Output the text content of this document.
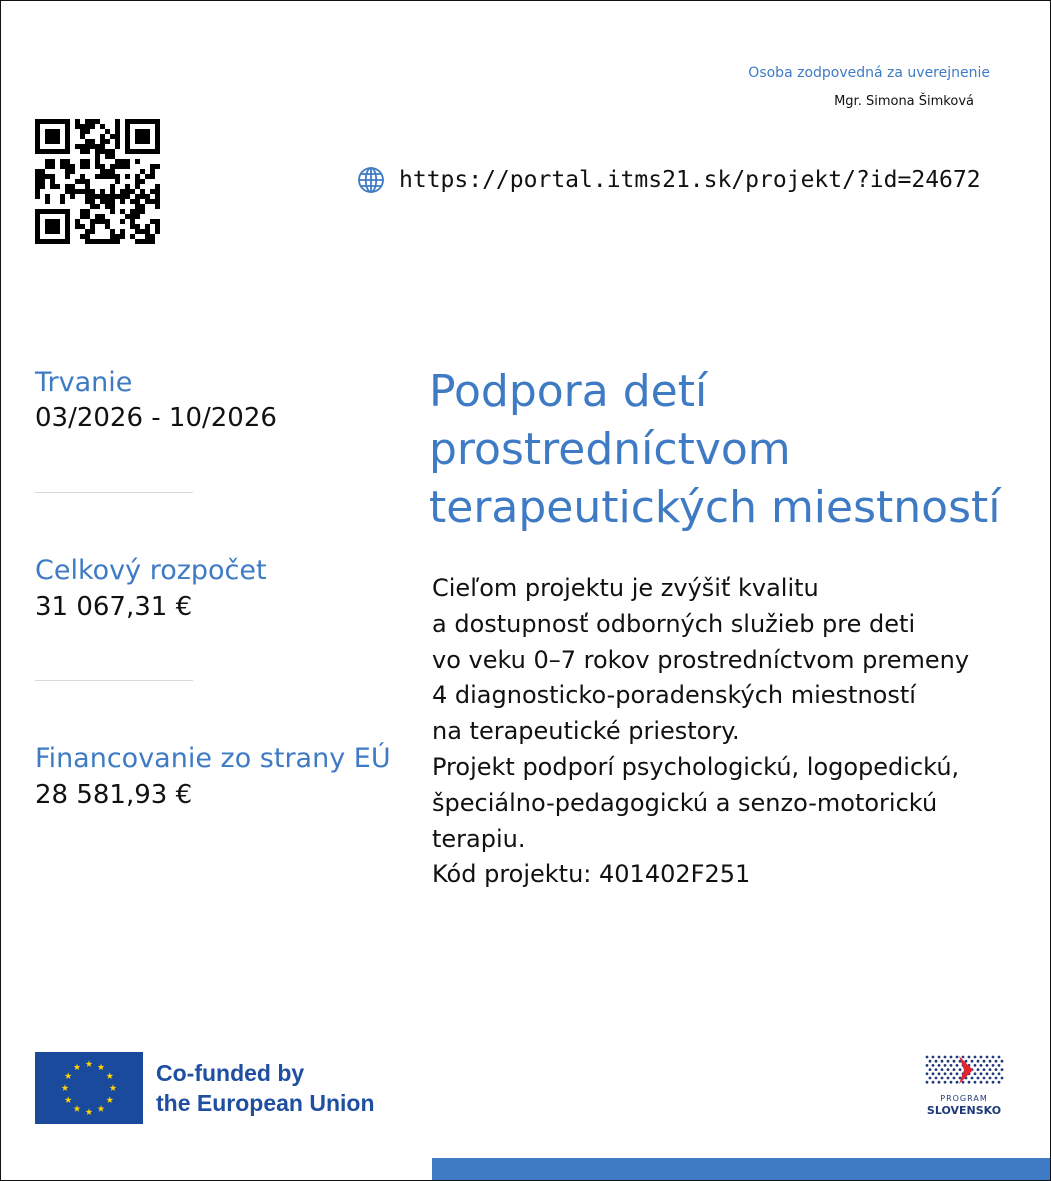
Osoba zodpovedná za uverejnenie
Mgr. Simona Šimková
https://portal.itms21.sk/projekt/?id=24672
Trvanie
03/2026 - 10/2026
Celkový rozpočet
31 067,31 €
Financovanie zo strany EÚ
28 581,93 €
Podpora detí
prostredníctvom
terapeutických miestností
Cieľom projektu je zvýšiť kvalitu
a dostupnosť odborných služieb pre deti
vo veku 0–7 rokov prostredníctvom premeny
4 diagnosticko-poradenských miestností
na terapeutické priestory.
Projekt podporí psychologickú, logopedickú,
špeciálno-pedagogickú a senzo-motorickú
terapiu.
Kód projektu: 401402F251
Co-funded by
the European Union	PROGRAM
SLOVENSKO
